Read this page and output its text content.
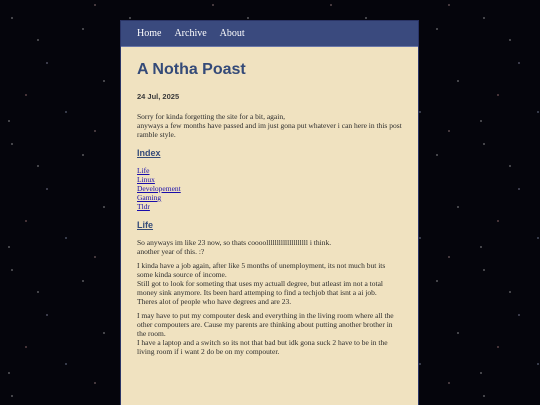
Home Archive About
A Notha Poast
24 Jul, 2025

Sorry for kinda forgetting the site for a bit, again,
anyways a few months have passed and im just gona put whatever i can here in this post ramble style.

Index
Life
Linux
Developement
Gaming
Tldr
Life

So anyways im like 23 now, so thats coooollllllllllllllllllll i think.
another year of this. :?

I kinda have a job again, after like 5 months of unemployment, its not much but its some kinda source of income.
Still got to look for someting that uses my actuall degree, but atleast im not a total money sink anymore. Its been hard attemping to find a techjob that isnt a ai job.
Theres alot of people who have degrees and are 23.

I may have to put my compouter desk and everything in the living room where all the other compouters are. Cause my parents are thinking about putting another brother in the room.
I have a laptop and a switch so its not that bad but idk gona suck 2 have to be in the living room if i want 2 do be on my compouter.
